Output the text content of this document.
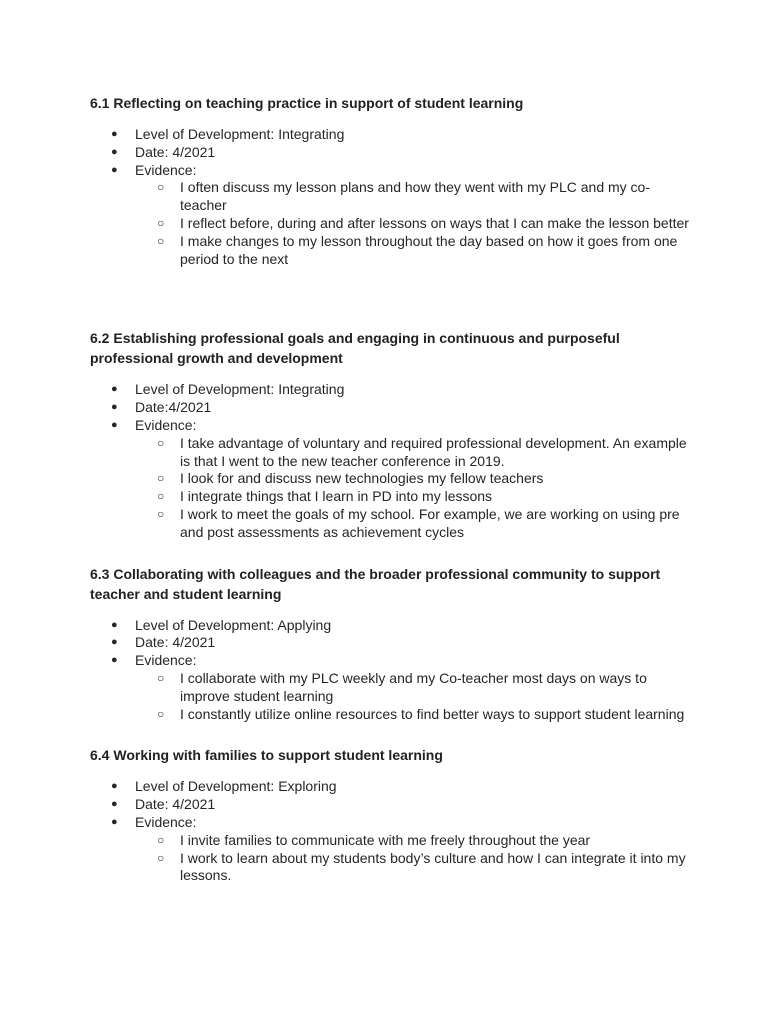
6.1 Reflecting on teaching practice in support of student learning
● Level of Development: Integrating
● Date: 4/2021
● Evidence:
○ I often discuss my lesson plans and how they went with my PLC and my co-teacher
○ I reflect before, during and after lessons on ways that I can make the lesson better
○ I make changes to my lesson throughout the day based on how it goes from one period to the next
6.2 Establishing professional goals and engaging in continuous and purposeful professional growth and development
● Level of Development: Integrating
● Date:4/2021
● Evidence:
○ I take advantage of voluntary and required professional development. An example is that I went to the new teacher conference in 2019.
○ I look for and discuss new technologies my fellow teachers
○ I integrate things that I learn in PD into my lessons
○ I work to meet the goals of my school. For example, we are working on using pre and post assessments as achievement cycles
6.3 Collaborating with colleagues and the broader professional community to support teacher and student learning
● Level of Development: Applying
● Date: 4/2021
● Evidence:
○ I collaborate with my PLC weekly and my Co-teacher most days on ways to improve student learning
○ I constantly utilize online resources to find better ways to support student learning
6.4 Working with families to support student learning
● Level of Development: Exploring
● Date: 4/2021
● Evidence:
○ I invite families to communicate with me freely throughout the year
○ I work to learn about my students body’s culture and how I can integrate it into my lessons.
